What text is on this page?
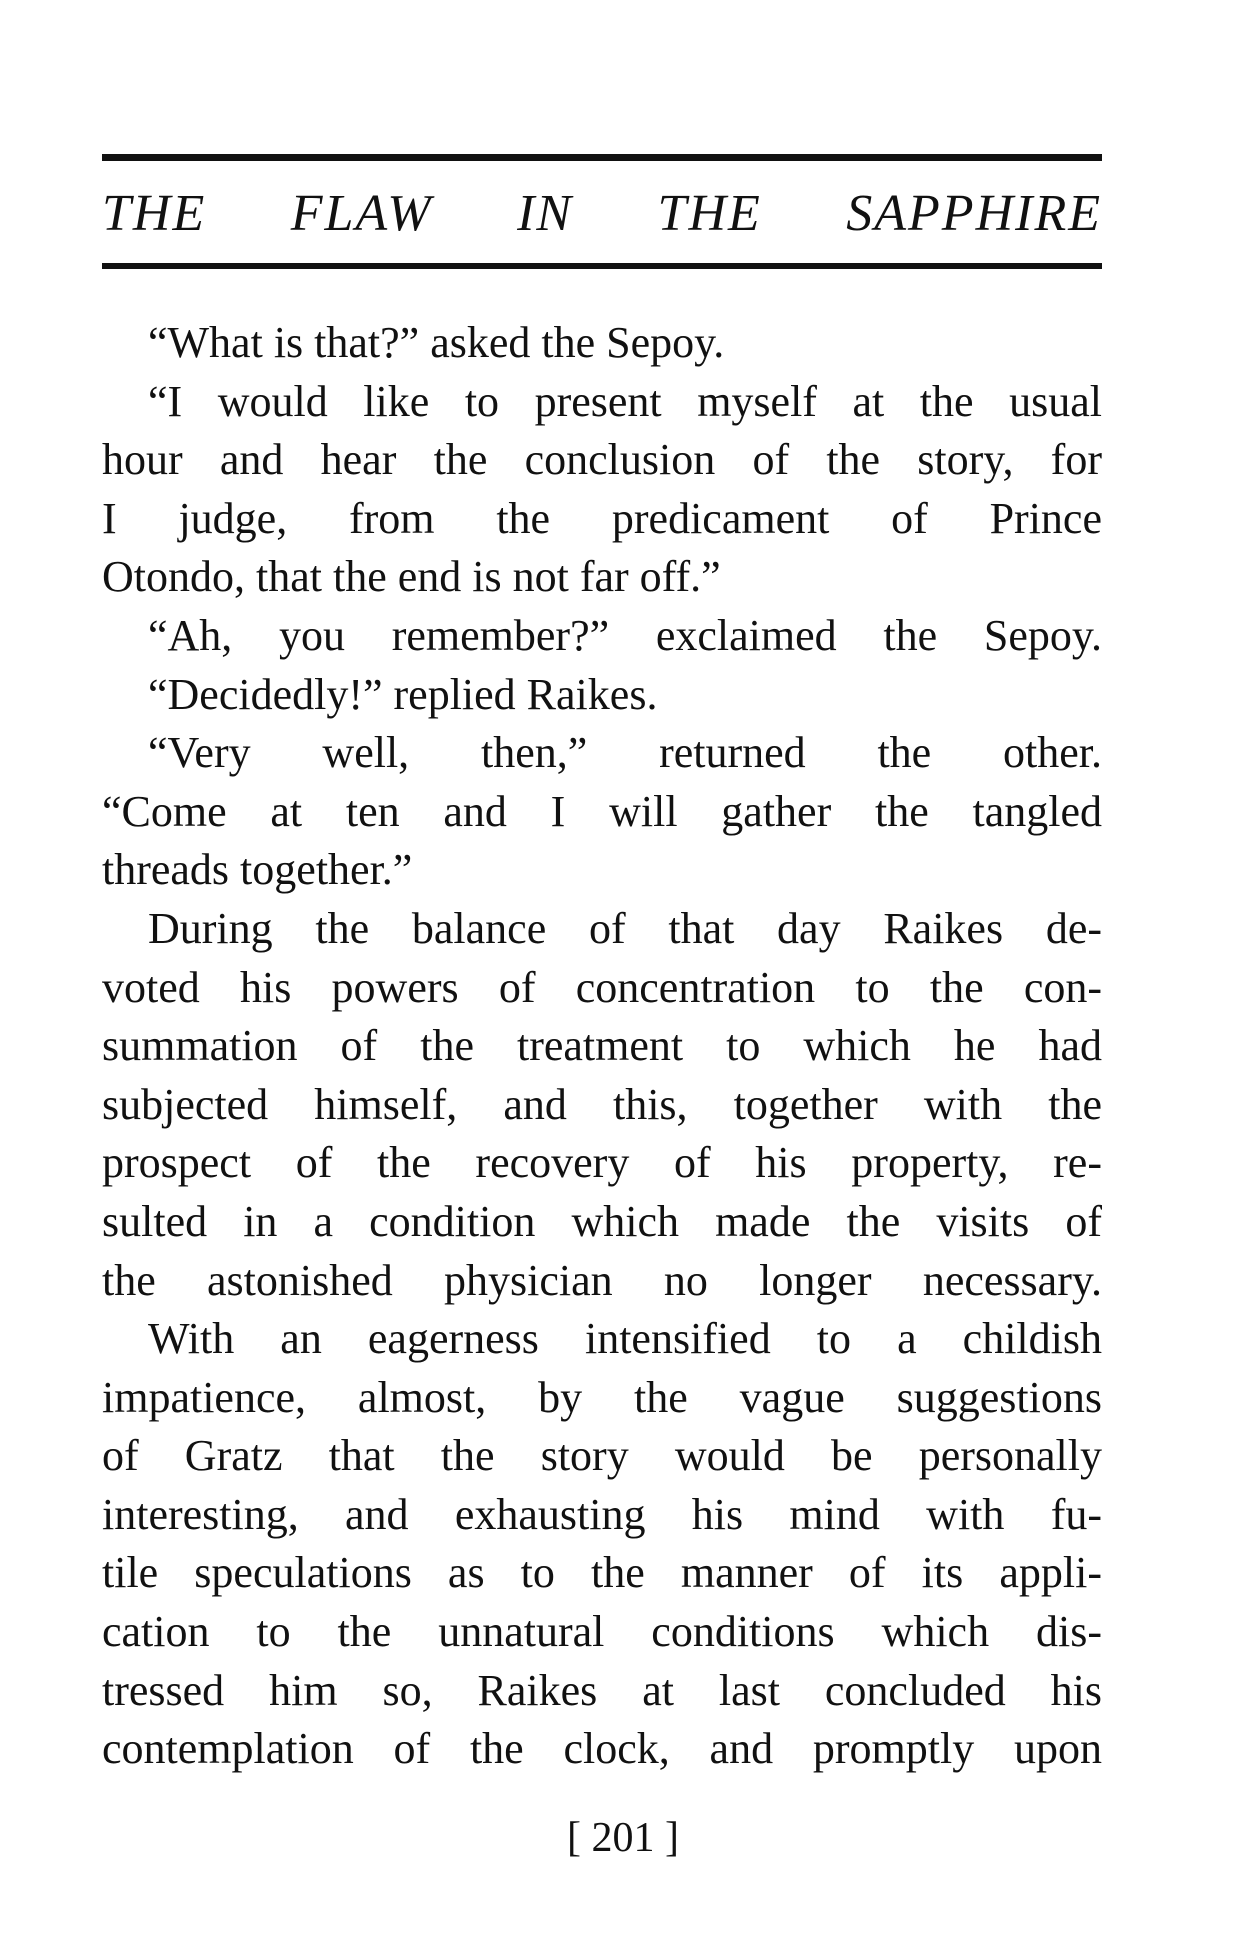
THE FLAW IN THE SAPPHIRE
“What is that?” asked the Sepoy.
“I would like to present myself at the usual
hour and hear the conclusion of the story, for
I judge, from the predicament of Prince
Otondo, that the end is not far off.”
“Ah, you remember?” exclaimed the Sepoy.
“Decidedly!” replied Raikes.
“Very well, then,” returned the other.
“Come at ten and I will gather the tangled
threads together.”
During the balance of that day Raikes de-
voted his powers of concentration to the con-
summation of the treatment to which he had
subjected himself, and this, together with the
prospect of the recovery of his property, re-
sulted in a condition which made the visits of
the astonished physician no longer necessary.
With an eagerness intensified to a childish
impatience, almost, by the vague suggestions
of Gratz that the story would be personally
interesting, and exhausting his mind with fu-
tile speculations as to the manner of its appli-
cation to the unnatural conditions which dis-
tressed him so, Raikes at last concluded his
contemplation of the clock, and promptly upon
[ 201 ]
